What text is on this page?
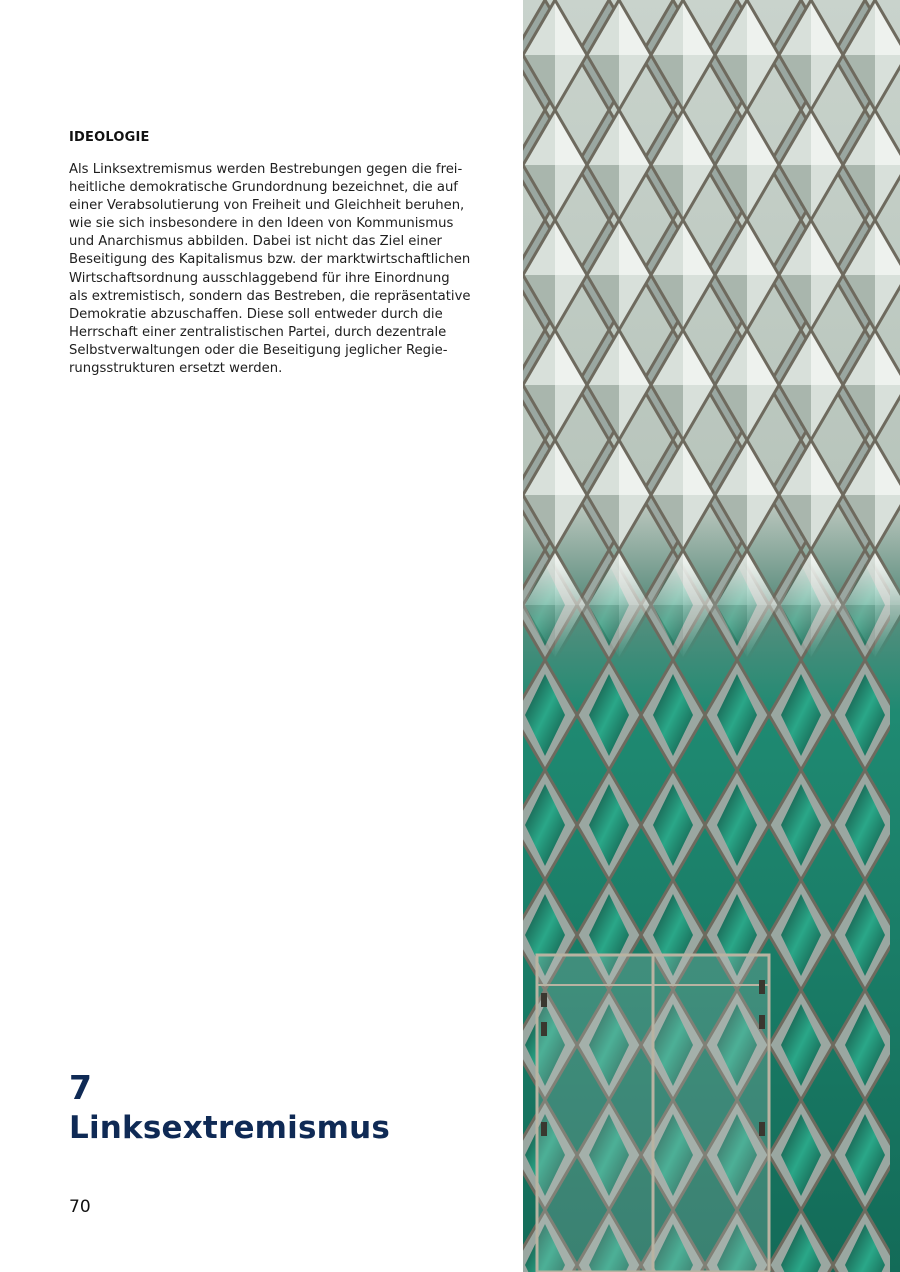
IDEOLOGIE

Als Linksextremismus werden Bestrebungen gegen die frei-

heitliche demokratische Grundordnung bezeichnet, die auf

einer Verabsolutierung von Freiheit und Gleichheit beruhen,

wie sie sich insbesondere in den Ideen von Kommunismus

und Anarchismus abbilden. Dabei ist nicht das Ziel einer

Beseitigung des Kapitalismus bzw. der marktwirtschaftlichen

Wirtschaftsordnung ausschlaggebend für ihre Einordnung

als extremistisch, sondern das Bestreben, die repräsentative

Demokratie abzuschaffen. Diese soll entweder durch die

Herrschaft einer zentralistischen Partei, durch dezentrale

Selbstverwaltungen oder die Beseitigung jeglicher Regie-

rungsstrukturen ersetzt werden.

7
Linksextremismus
70
